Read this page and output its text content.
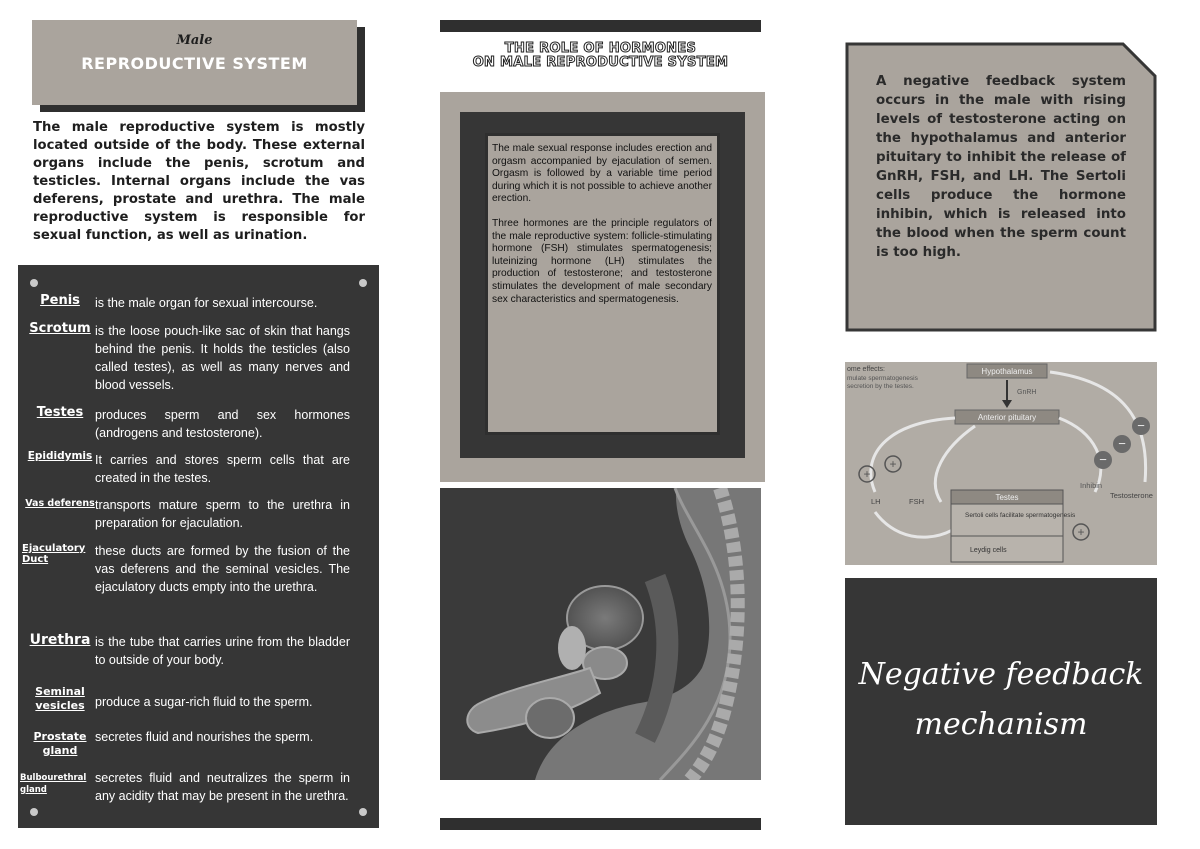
Male
REPRODUCTIVE SYSTEM

The male reproductive system is mostly located outside of the body. These external organs include the penis, scrotum and testicles. Internal organs include the vas deferens, prostate and urethra. The male reproductive system is responsible for sexual function, as well as urination.

Penis	is the male organ for sexual intercourse.
Scrotum is the loose pouch-like sac of skin that hangs behind the penis. It holds the testicles (also called testes), as well as many nerves and blood vessels.
Testes produces sperm and sex hormones (androgens and testosterone).
Epididymis It carries and stores sperm cells that are created in the testes.
Vas deferens transports mature sperm to the urethra in preparation for ejaculation.
Ejaculatory Duct
these ducts are formed by the fusion of the vas deferens and the seminal vesicles. The ejaculatory ducts empty into the urethra.
Urethra is the tube that carries urine from the bladder to outside of your body.
Seminal vesicles produce a sugar-rich fluid to the sperm.
Prostate gland
secretes fluid and nourishes the sperm.
Bulbourethral gland
secretes fluid and neutralizes the sperm in any acidity that may be present in the urethra.
THE ROLE OF HORMONES
ON MALE REPRODUCTIVE SYSTEM

The male sexual response includes erection and orgasm accompanied by ejaculation of semen. Orgasm is followed by a variable time period during which it is not possible to achieve another erection.

Three hormones are the principle regulators of the male reproductive system: follicle-stimulating hormone (FSH) stimulates spermatogenesis; luteinizing hormone (LH) stimulates the production of testosterone; and testosterone stimulates the development of male secondary sex characteristics and spermatogenesis.

A negative feedback system occurs in the male with rising levels of testosterone acting on the hypothalamus and anterior pituitary to inhibit the release of GnRH, FSH, and LH. The Sertoli cells produce the hormone inhibin, which is released into the blood when the sperm count is too high.
ome effects:
mulate spermatogenesis
secretion by the testes.
Hypothalamus
GnRH
Anterior pituitary
+
+
−
−
−
+
LH	FSH
Inhibin
Testosterone
Testes
Sertoli cells facilitate spermatogenesis
Leydig cells
Negative feedback
mechanism
